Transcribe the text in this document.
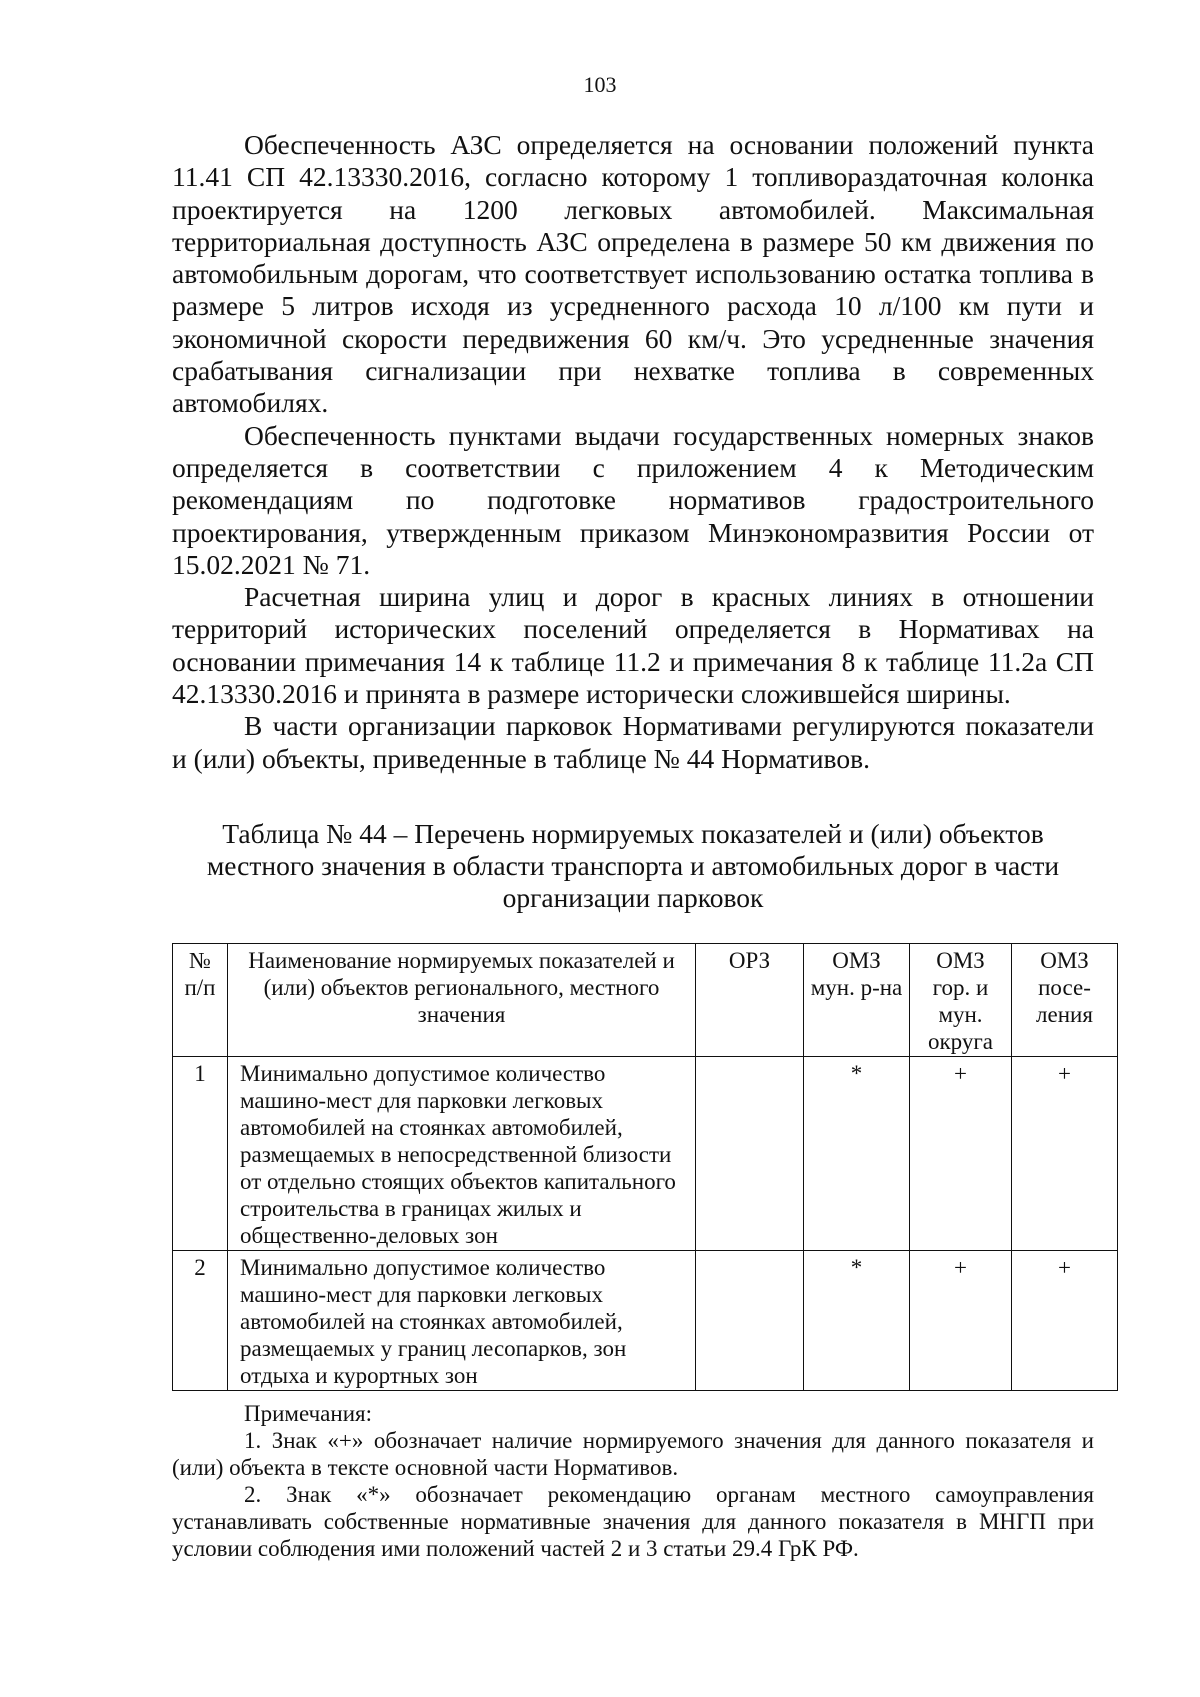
103

Обеспеченность АЗС определяется на основании положений пункта 11.41 СП 42.13330.2016, согласно которому 1 топливораздаточная колонка проектируется на 1200 легковых автомобилей. Максимальная территориальная доступность АЗС определена в размере 50 км движения по автомобильным дорогам, что соответствует использованию остатка топлива в размере 5 литров исходя из усредненного расхода 10 л/100 км пути и экономичной скорости передвижения 60 км/ч. Это усредненные значения срабатывания сигнализации при нехватке топлива в современных автомобилях.

Обеспеченность пунктами выдачи государственных номерных знаков определяется в соответствии с приложением 4 к Методическим рекомендациям по подготовке нормативов градостроительного проектирования, утвержденным приказом Минэкономразвития России от 15.02.2021 № 71.

Расчетная ширина улиц и дорог в красных линиях в отношении территорий исторических поселений определяется в Нормативах на основании примечания 14 к таблице 11.2 и примечания 8 к таблице 11.2а СП 42.13330.2016 и принята в размере исторически сложившейся ширины.

В части организации парковок Нормативами регулируются показатели и (или) объекты, приведенные в таблице № 44 Нормативов.

Таблица № 44 – Перечень нормируемых показателей и (или) объектов
местного значения в области транспорта и автомобильных дорог в части
организации парковок
№ п/п	Наименование нормируемых показателей и (или) объектов регионального, местного значения	ОРЗ	ОМЗ мун. р-на	ОМЗ гор. и мун. округа	ОМЗ посе-ления
1	Минимально допустимое количество машино-мест для парковки легковых автомобилей на стоянках автомобилей, размещаемых в непосредственной близости от отдельно стоящих объектов капитального строительства в границах жилых и общественно-деловых зон		*	+	+
2	Минимально допустимое количество машино-мест для парковки легковых автомобилей на стоянках автомобилей, размещаемых у границ лесопарков, зон отдыха и курортных зон		*	+	+

Примечания:

1. Знак «+» обозначает наличие нормируемого значения для данного показателя и (или) объекта в тексте основной части Нормативов.

2. Знак «*» обозначает рекомендацию органам местного самоуправления устанавливать собственные нормативные значения для данного показателя в МНГП при условии соблюдения ими положений частей 2 и 3 статьи 29.4 ГрК РФ.
